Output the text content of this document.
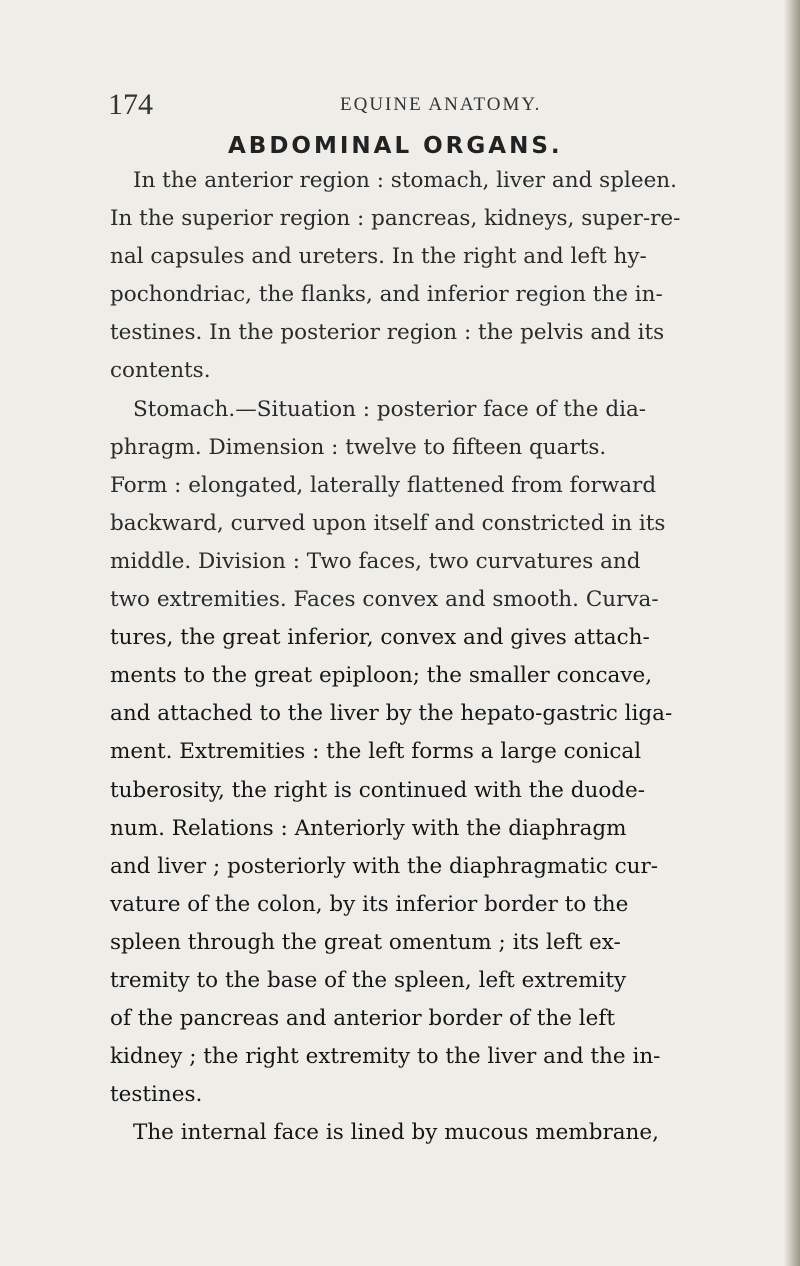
174	EQUINE ANATOMY.
ABDOMINAL ORGANS.
In the anterior region : stomach, liver and spleen.
In the superior region : pancreas, kidneys, super-re-
nal capsules and ureters. In the right and left hy-
pochondriac, the flanks, and inferior region the in-
testines. In the posterior region : the pelvis and its
contents.
Stomach.—Situation : posterior face of the dia-
phragm. Dimension : twelve to fifteen quarts.
Form : elongated, laterally flattened from forward
backward, curved upon itself and constricted in its
middle. Division : Two faces, two curvatures and
two extremities. Faces convex and smooth. Curva-
tures, the great inferior, convex and gives attach-
ments to the great epiploon; the smaller concave,
and attached to the liver by the hepato-gastric liga-
ment. Extremities : the left forms a large conical
tuberosity, the right is continued with the duode-
num. Relations : Anteriorly with the diaphragm
and liver ; posteriorly with the diaphragmatic cur-
vature of the colon, by its inferior border to the
spleen through the great omentum ; its left ex-
tremity to the base of the spleen, left extremity
of the pancreas and anterior border of the left
kidney ; the right extremity to the liver and the in-
testines.
The internal face is lined by mucous membrane,
